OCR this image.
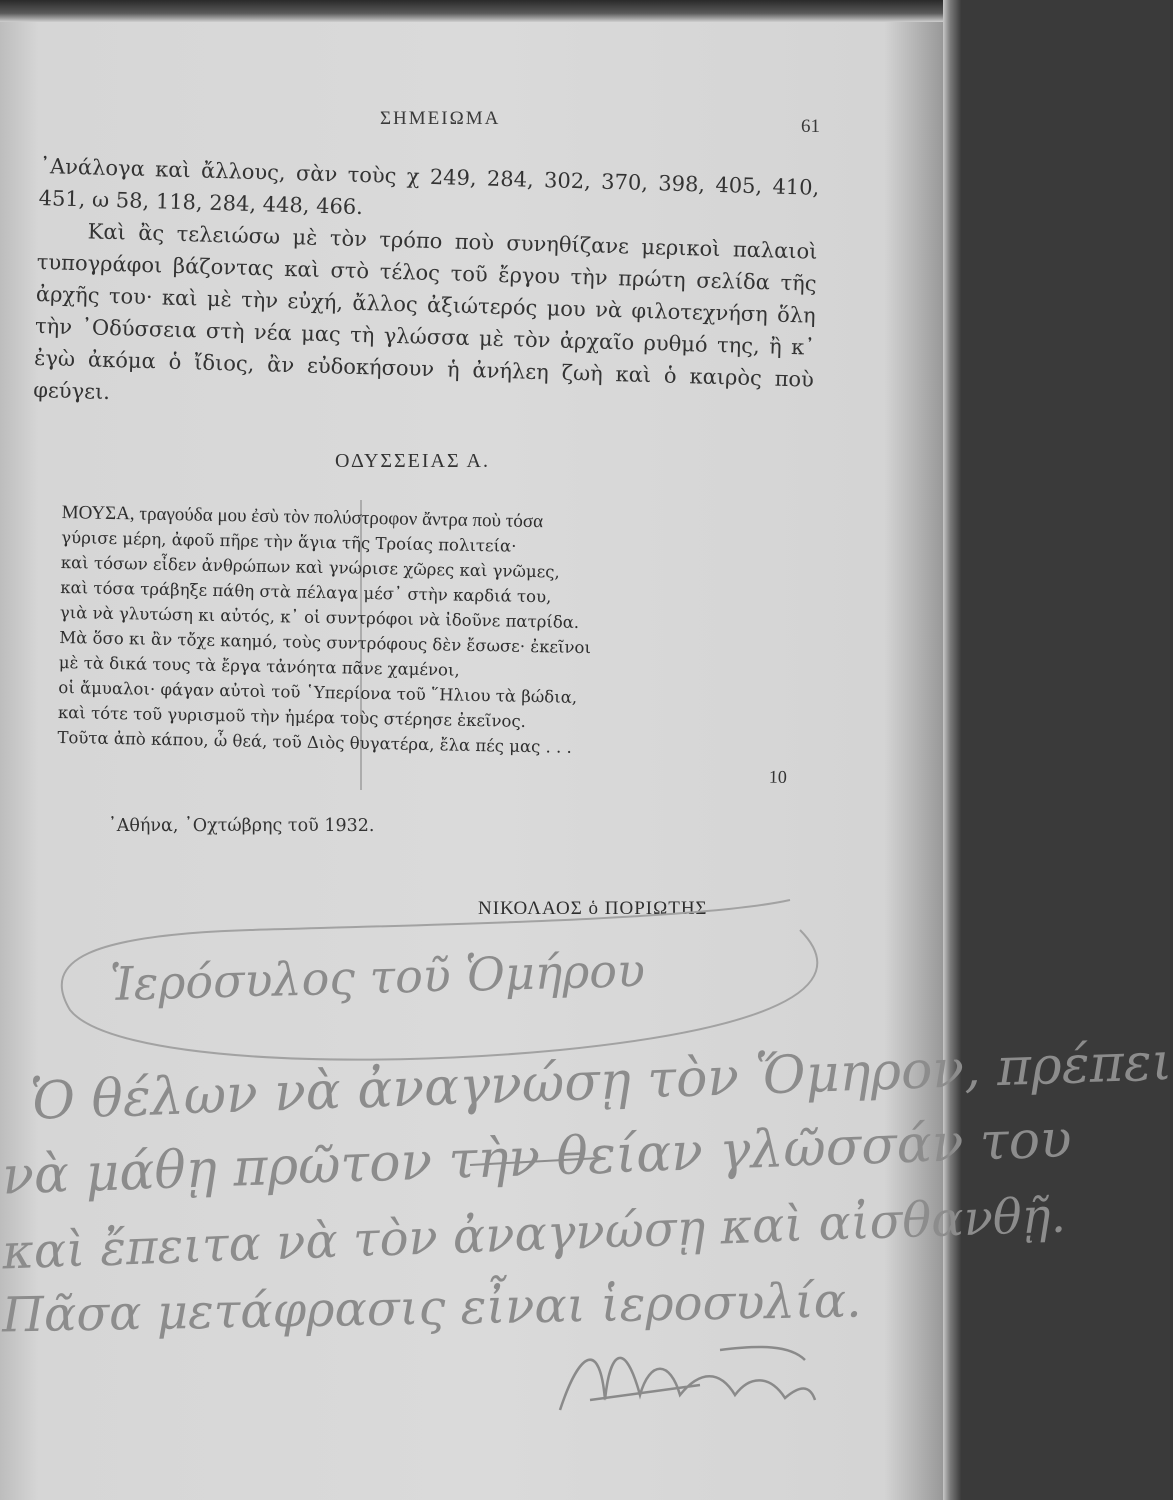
ΣΗΜΕΙΩΜΑ	61

᾿Ανάλογα καὶ ἄλλους, σὰν τοὺς χ 249, 284, 302, 370, 398, 405, 410, 451, ω 58, 118, 284, 448, 466.

Καὶ ἂς τελειώσω μὲ τὸν τρόπο ποὺ συνηθίζανε μερικοὶ παλαιοὶ τυπογράφοι βάζοντας καὶ στὸ τέλος τοῦ ἔργου τὴν πρώτη σελίδα τῆς ἀρχῆς του· καὶ μὲ τὴν εὐχή, ἄλλος ἀξιώτερός μου νὰ φιλοτεχνήση ὅλη τὴν ᾿Οδύσσεια στὴ νέα μας τὴ γλώσσα μὲ τὸν ἀρχαῖο ρυθμό της, ἢ κ᾿ ἐγὼ ἀκόμα ὁ ἴδιος, ἂν εὐδοκήσουν ἡ ἀνήλεη ζωὴ καὶ ὁ καιρὸς ποὺ φεύγει.

ΟΔΥΣΣΕΙΑΣ Α.
ΜΟΥΣΑ, τραγούδα μου ἐσὺ τὸν πολύστροφον ἄντρα ποὺ τόσα
γύρισε μέρη, ἀφοῦ πῆρε τὴν ἅγια τῆς Τροίας πολιτεία·
καὶ τόσων εἶδεν ἀνθρώπων καὶ γνώρισε χῶρες καὶ γνῶμες,
καὶ τόσα τράβηξε πάθη στὰ πέλαγα μέσ᾿ στὴν καρδιά του,
γιὰ νὰ γλυτώση κι αὐτός, κ᾿ οἱ συντρόφοι νὰ ἰδοῦνε πατρίδα.
Μὰ ὅσο κι ἂν τὄχε καημό, τοὺς συντρόφους δὲν ἔσωσε· ἐκεῖνοι
μὲ τὰ δικά τους τὰ ἔργα τἀνόητα πᾶνε χαμένοι,
οἱ ἄμυαλοι· φάγαν αὐτοὶ τοῦ ῾Υπερίονα τοῦ ῞Ηλιου τὰ βώδια,
καὶ τότε τοῦ γυρισμοῦ τὴν ἡμέρα τοὺς στέρησε ἐκεῖνος.
Τοῦτα ἀπὸ κάπου, ὦ θεά, τοῦ Διὸς θυγατέρα, ἔλα πές μας . . .
10
᾿Αθήνα, ᾿Οχτώβρης τοῦ 1932.
ΝΙΚΟΛΑΟΣ ὁ ΠΟΡΙΩΤΗΣ
Ἱερόσυλος τοῦ Ὁμήρου
Ὁ θέλων νὰ ἀναγνώσῃ τὸν Ὅμηρον, πρέπει
νὰ μάθῃ πρῶτον τὴν θείαν γλῶσσάν του
καὶ ἔπειτα νὰ τὸν ἀναγνώσῃ καὶ αἰσθανθῇ.
Πᾶσα μετάφρασις εἶναι ἱεροσυλία.
